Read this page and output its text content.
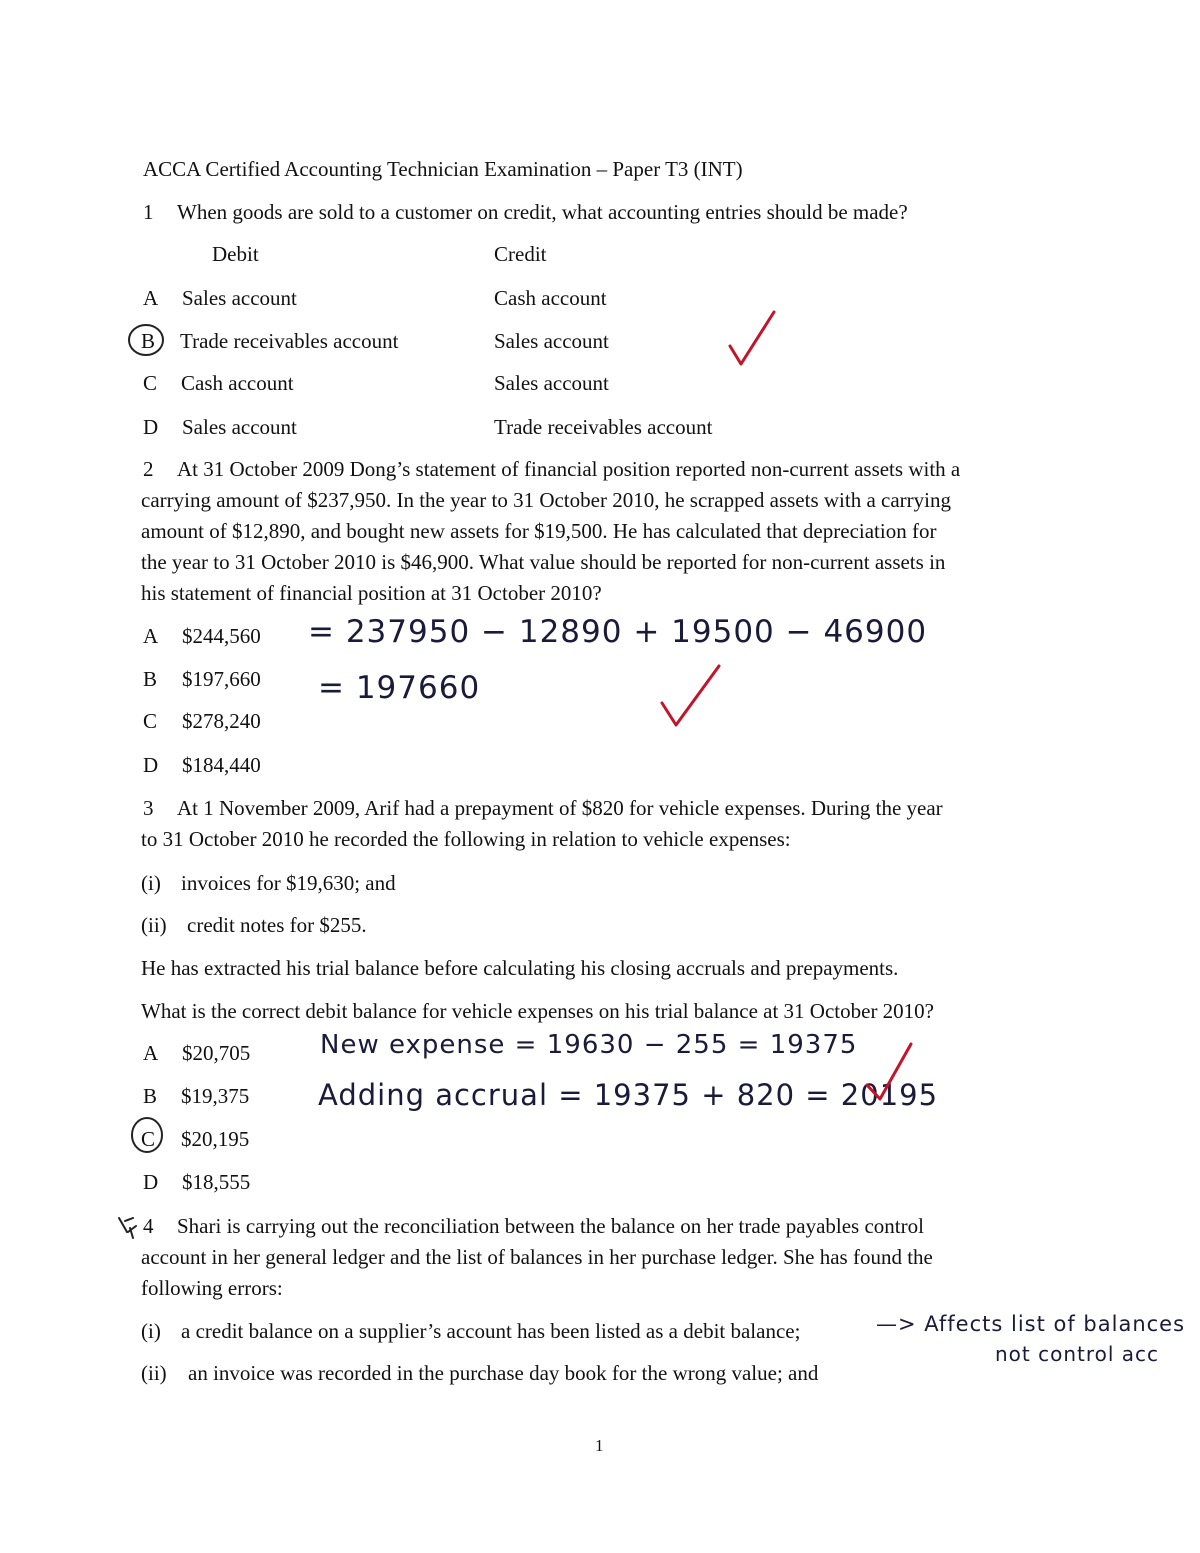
ACCA Certified Accounting Technician Examination – Paper T3 (INT)
1 When goods are sold to a customer on credit, what accounting entries should be made?
Debit	Credit
A Sales account	Cash account
B Trade receivables account	Sales account
C Cash account	Sales account
D Sales account	Trade receivables account
2 At 31 October 2009 Dong’s statement of financial position reported non-current assets with a
carrying amount of $237,950. In the year to 31 October 2010, he scrapped assets with a carrying
amount of $12,890, and bought new assets for $19,500. He has calculated that depreciation for
the year to 31 October 2010 is $46,900. What value should be reported for non-current assets in
his statement of financial position at 31 October 2010?
A $244,560
B $197,660
C $278,240
D $184,440
= 237950 − 12890 + 19500 − 46900
= 197660
3 At 1 November 2009, Arif had a prepayment of $820 for vehicle expenses. During the year
to 31 October 2010 he recorded the following in relation to vehicle expenses:
(i) invoices for $19,630; and
(ii) credit notes for $255.
He has extracted his trial balance before calculating his closing accruals and prepayments.
What is the correct debit balance for vehicle expenses on his trial balance at 31 October 2010?
A $20,705
B $19,375
C $20,195
D $18,555
New expense = 19630 − 255 = 19375
Adding accrual = 19375 + 820 = 20195
4 Shari is carrying out the reconciliation between the balance on her trade payables control
account in her general ledger and the list of balances in her purchase ledger. She has found the
following errors:
(i) a credit balance on a supplier’s account has been listed as a debit balance;
(ii) an invoice was recorded in the purchase day book for the wrong value; and
—> Affects list of balances
not control acc
1
